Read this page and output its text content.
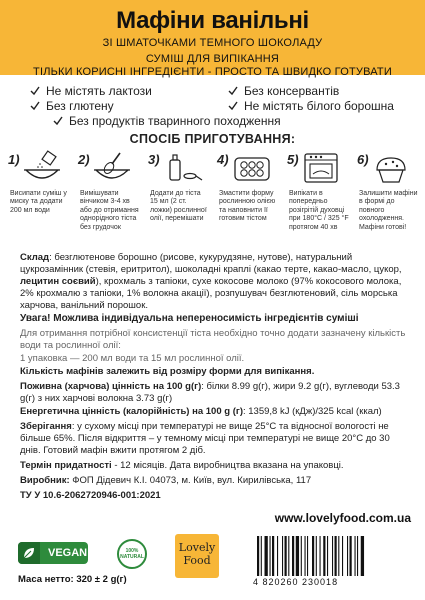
Мафіни ванільні
ЗІ ШМАТОЧКАМИ ТЕМНОГО ШОКОЛАДУ
СУМІШ ДЛЯ ВИПІКАННЯ
ТІЛЬКИ КОРИСНІ ІНГРЕДІЄНТИ - ПРОСТО ТА ШВИДКО ГОТУВАТИ
Не містять лактози	Без консервантів
Без глютену	Не містять білого борошна
Без продуктів тваринного походження
СПОСІБ ПРИГОТУВАННЯ:
1)
Висипати суміш у миску та додати 200 мл води
2)
Вимішувати вінчиком 3-4 хв або до отримання однорідного тіста без грудочок
3)
Додати до тіста 15 мл (2 ст. ложки) рослинної олії, перемішати
4)
Змастити форму рослинною олією та наповнити її готовим тістом
5)
Випікати в попередньо розігрітій духовці при 180°С / 325 °F протягом 40 хв
6)
Залишити мафіни в формі до повного охолодження. Мафіни готові!

Склад: безглютенове борошно (рисове, кукурудзяне, нутове), натуральний цукрозамінник (стевія, еритритол), шоколадні краплі (какао терте, какао-масло, цукор, лецитин соєвий), крохмаль з тапіоки, сухе кокосове молоко (97% кокосового молока, 2% крохмалю з тапіоки, 1% волокна акації), розпушувач безглютеновий, сіль морська харчова, ванільний порошок.

Увага! Можлива індивідуальна непереносимість інгредієнтів суміші

Для отримання потрібної консистенції тіста необхідно точно додати зазначену кількість води та рослинної олії:

1 упаковка — 200 мл води та 15 мл рослинної олії.

Кількість мафінів залежить від розміру форми для випікання.

Поживна (харчова) цінність на 100 g(г): білки 8.99 g(г), жири 9.2 g(г), вуглеводи 53.3 g(г) з них харчові волокна 3.73 g(г)

Енергетична цінність (калорійність) на 100 g (г): 1359,8 kJ (кДж)/325 kcal (ккал)

Зберігання: у сухому місці при температурі не вище 25°С та відносної вологості не більше 65%. Після відкриття – у темному місці при температурі не вище 20°С до 30 днів. Готовий мафін вжити протягом 2 діб.

Термін придатності - 12 місяців. Дата виробництва вказана на упаковці.

Виробник: ФОП Дідевич К.І. 04073, м. Київ, вул. Кирилівська, 117

ТУ У 10.6-2062720946-001:2021

www.lovelyfood.com.ua
VEGAN	100%
NATURAL
Lovely
Food
4 820260 230018
Маса нетто: 320 ± 2 g(г)
